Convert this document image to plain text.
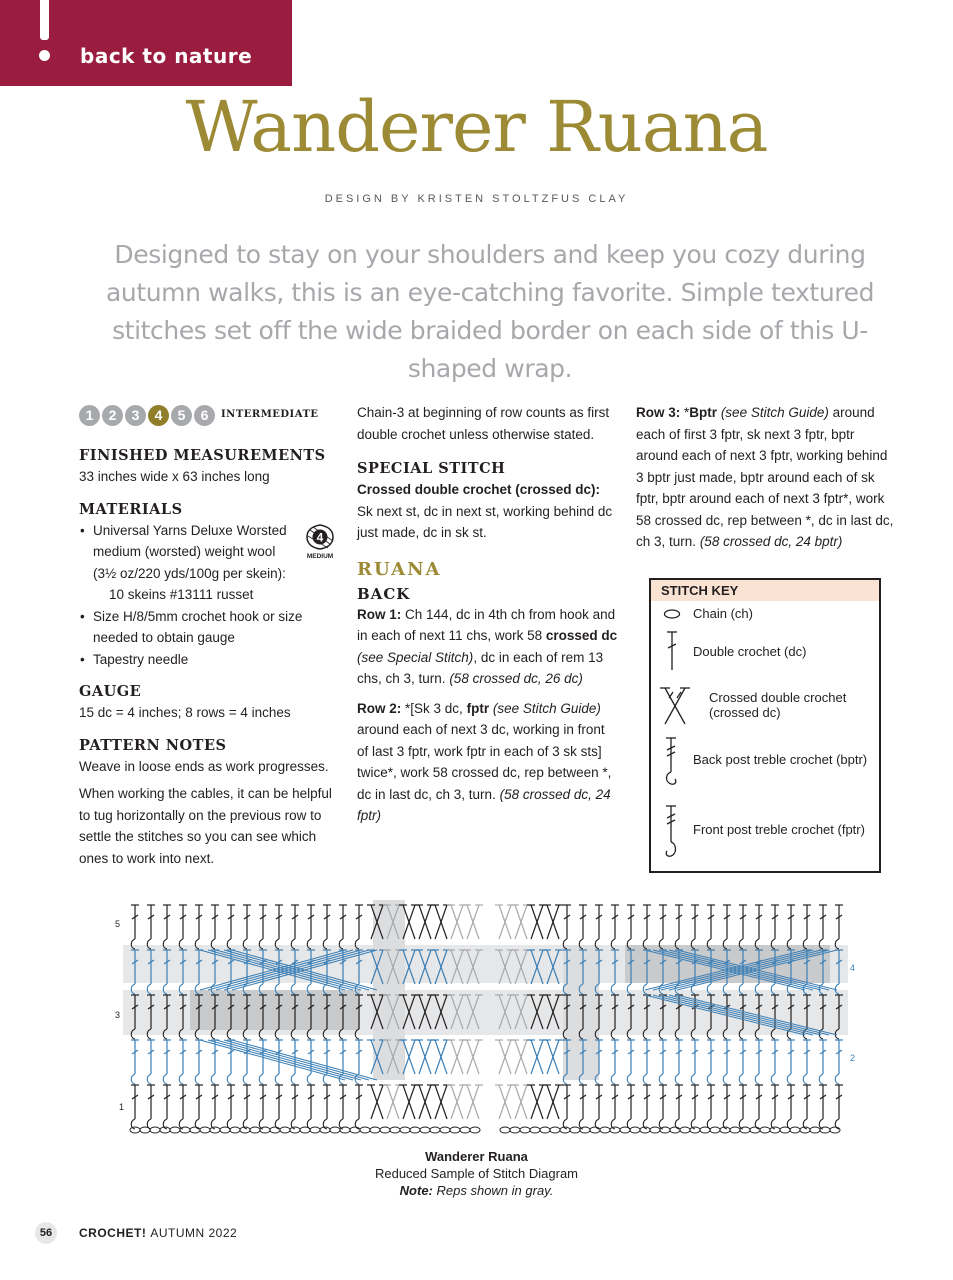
back to nature
Wanderer Ruana
DESIGN BY KRISTEN STOLTZFUS CLAY
Designed to stay on your shoulders and keep you cozy during autumn walks, this is an eye-catching favorite. Simple textured stitches set off the wide braided border on each side of this U-shaped wrap.
1	2	3	4	5	6	INTERMEDIATE
FINISHED MEASUREMENTS

33 inches wide x 63 inches long

MATERIALS
• Universal Yarns Deluxe Worsted medium (worsted) weight wool (3½ oz/220 yds/100g per skein):
10 skeins #13111 russet
• Size H/8/5mm crochet hook or size needed to obtain gauge
• Tapestry needle
4
MEDIUM
GAUGE

15 dc = 4 inches; 8 rows = 4 inches

PATTERN NOTES

Weave in loose ends as work progresses.

When working the cables, it can be helpful to tug horizontally on the previous row to settle the stitches so you can see which ones to work into next.

Chain-3 at beginning of row counts as first double crochet unless otherwise stated.

SPECIAL STITCH

Crossed double crochet (crossed dc): Sk next st, dc in next st, working behind dc just made, dc in sk st.

RUANA
BACK

Row 1: Ch 144, dc in 4th ch from hook and in each of next 11 chs, work 58 crossed dc (see Special Stitch), dc in each of rem 13 chs, ch 3, turn. (58 crossed dc, 26 dc)

Row 2: *[Sk 3 dc, fptr (see Stitch Guide) around each of next 3 dc, working in front of last 3 fptr, work fptr in each of 3 sk sts] twice*, work 58 crossed dc, rep between *, dc in last dc, ch 3, turn. (58 crossed dc, 24 fptr)

Row 3: *Bptr (see Stitch Guide) around each of first 3 fptr, sk next 3 fptr, bptr around each of next 3 fptr, working behind 3 bptr just made, bptr around each of sk fptr, bptr around each of next 3 fptr*, work 58 crossed dc, rep between *, dc in last dc, ch 3, turn. (58 crossed dc, 24 bptr)

STITCH KEY
Chain (ch)
Double crochet (dc)
Crossed double crochet (crossed dc)
Back post treble crochet (bptr)
Front post treble crochet (fptr)
5
4
3
2
1
Wanderer Ruana
Reduced Sample of Stitch Diagram
Note: Reps shown in gray.
56	CROCHET! AUTUMN 2022
